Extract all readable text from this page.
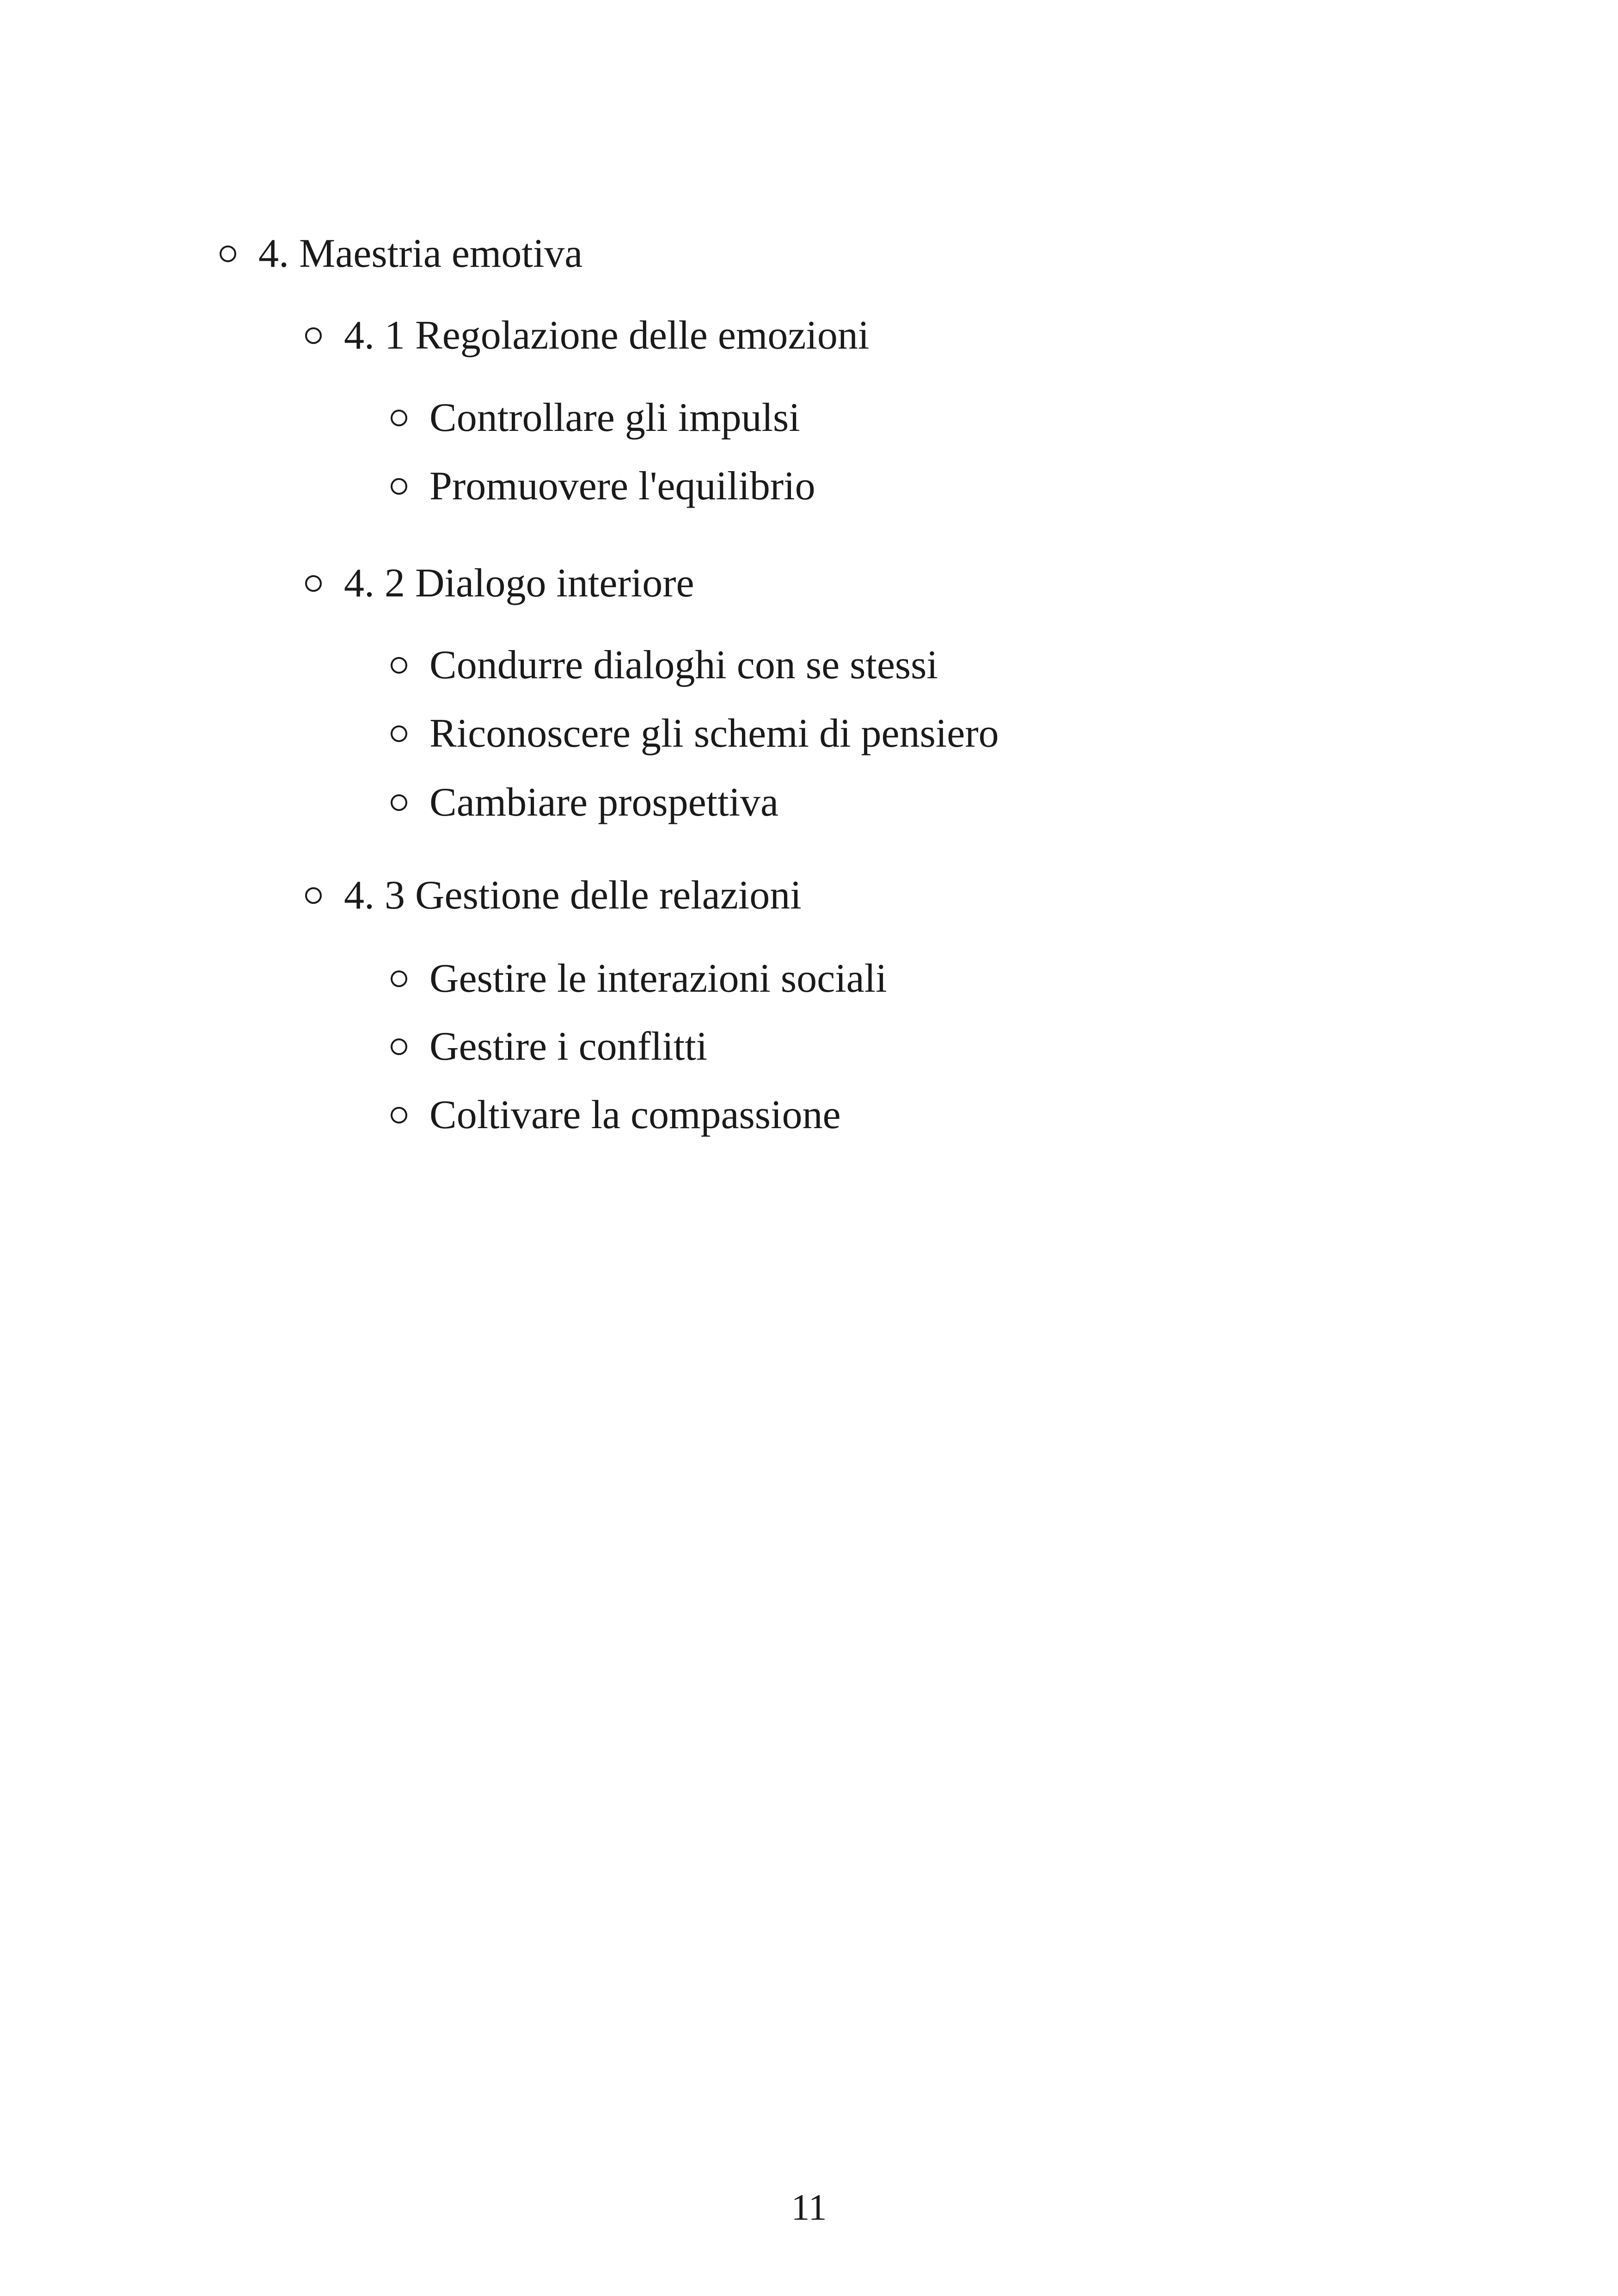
4. Maestria emotiva
4. 1 Regolazione delle emozioni
Controllare gli impulsi
Promuovere l'equilibrio
4. 2 Dialogo interiore
Condurre dialoghi con se stessi
Riconoscere gli schemi di pensiero
Cambiare prospettiva
4. 3 Gestione delle relazioni
Gestire le interazioni sociali
Gestire i conflitti
Coltivare la compassione
11
